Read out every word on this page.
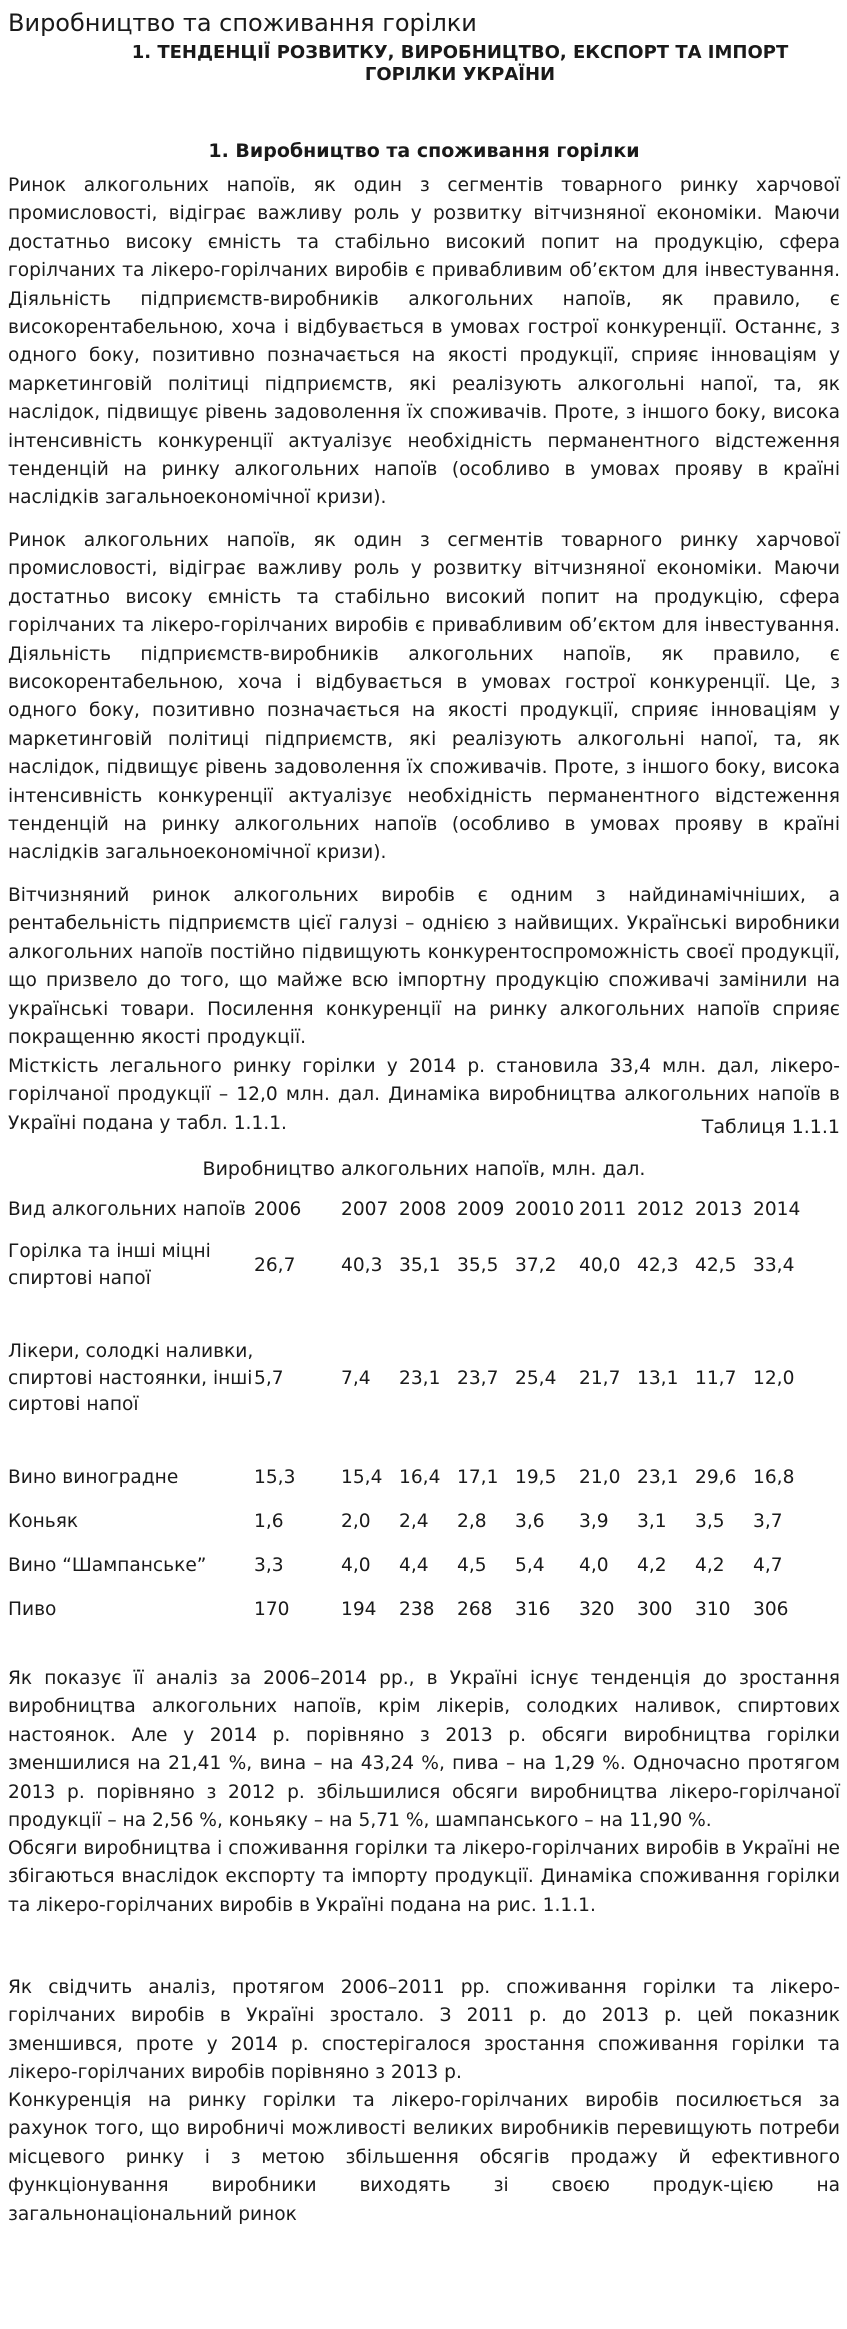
Виробництво та споживання горілки
1. ТЕНДЕНЦІЇ РОЗВИТКУ, ВИРОБНИЦТВО, ЕКСПОРТ ТА ІМПОРТ ГОРІЛКИ УКРАЇНИ
1. Виробництво та споживання горілки

Ринок алкогольних напоїв, як один з сегментів товарного ринку харчової промисловості, відіграє важливу роль у розвитку вітчизняної економіки. Маючи достатньо високу ємність та стабільно високий попит на продукцію, сфера горілчаних та лікеро-горілчаних виробів є привабливим об’єктом для інвестування. Діяльність підприємств-виробників алкогольних напоїв, як правило, є високорентабельною, хоча і відбувається в умовах гострої конкуренції. Останнє, з одного боку, позитивно позначається на якості продукції, сприяє інноваціям у маркетинговій політиці підприємств, які реалізують алкогольні напої, та, як наслідок, підвищує рівень задоволення їх споживачів. Проте, з іншого боку, висока інтенсивність конкуренції актуалізує необхідність перманентного відстеження тенденцій на ринку алкогольних напоїв (особливо в умовах прояву в країні наслідків загальноекономічної кризи).

Ринок алкогольних напоїв, як один з сегментів товарного ринку харчової промисловості, відіграє важливу роль у розвитку вітчизняної економіки. Маючи достатньо високу ємність та стабільно високий попит на продукцію, сфера горілчаних та лікеро-горілчаних виробів є привабливим об’єктом для інвестування. Діяльність підприємств-виробників алкогольних напоїв, як правило, є високорентабельною, хоча і відбувається в умовах гострої конкуренції. Це, з одного боку, позитивно позначається на якості продукції, сприяє інноваціям у маркетинговій політиці підприємств, які реалізують алкогольні напої, та, як наслідок, підвищує рівень задоволення їх споживачів. Проте, з іншого боку, висока інтенсивність конкуренції актуалізує необхідність перманентного відстеження тенденцій на ринку алкогольних напоїв (особливо в умовах прояву в країні наслідків загальноекономічної кризи).

Вітчизняний ринок алкогольних виробів є одним з найдинамічніших, а рентабельність підприємств цієї галузі – однією з найвищих. Українські виробники алкогольних напоїв постійно підвищують конкурентоспроможність своєї продукції, що призвело до того, що майже всю імпортну продукцію споживачі замінили на українські товари. Посилення конкуренції на ринку алкогольних напоїв сприяє покращенню якості продукції.

Місткість легального ринку горілки у 2014 р. становила 33,4 млн. дал, лікеро-горілчаної продукції – 12,0 млн. дал. Динаміка виробництва алкогольних напоїв в Україні подана у табл. 1.1.1.	Таблиця 1.1.1
Виробництво алкогольних напоїв, млн. дал.
Вид алкогольних напоїв	2006	2007	2008	2009	20010	2011	2012	2013	2014
Горілка та інші міцні спиртові напої	26,7	40,3	35,1	35,5	37,2	40,0	42,3	42,5	33,4
Лікери, солодкі наливки, спиртові настоянки, інші сиртові напої	5,7	7,4	23,1	23,7	25,4	21,7	13,1	11,7	12,0
Вино виноградне	15,3	15,4	16,4	17,1	19,5	21,0	23,1	29,6	16,8
Коньяк	1,6	2,0	2,4	2,8	3,6	3,9	3,1	3,5	3,7
Вино “Шампанське”	3,3	4,0	4,4	4,5	5,4	4,0	4,2	4,2	4,7
Пиво	170	194	238	268	316	320	300	310	306

Як показує її аналіз за 2006–2014 рр., в Україні існує тенденція до зростання виробництва алкогольних напоїв, крім лікерів, солодких наливок, спиртових настоянок. Але у 2014 р. порівняно з 2013 р. обсяги виробництва горілки зменшилися на 21,41 %, вина – на 43,24 %, пива – на 1,29 %. Одночасно протягом 2013 р. порівняно з 2012 р. збільшилися обсяги виробництва лікеро-горілчаної продукції – на 2,56 %, коньяку – на 5,71 %, шампанського – на 11,90 %.

Обсяги виробництва і споживання горілки та лікеро-горілчаних виробів в Україні не збігаються внаслідок експорту та імпорту продукції. Динаміка споживання горілки та лікеро-горілчаних виробів в Україні подана на рис. 1.1.1.

Як свідчить аналіз, протягом 2006–2011 рр. споживання горілки та лікеро-горілчаних виробів в Україні зростало. З 2011 р. до 2013 р. цей показник зменшився, проте у 2014 р. спостерігалося зростання споживання горілки та лікеро-горілчаних виробів порівняно з 2013 р.

Конкуренція на ринку горілки та лікеро-горілчаних виробів посилюється за рахунок того, що виробничі можливості великих виробників перевищують потреби місцевого ринку і з метою збільшення обсягів продажу й ефективного функціонування виробники виходять зі своєю продук-цією на загальнонаціональний ринок
